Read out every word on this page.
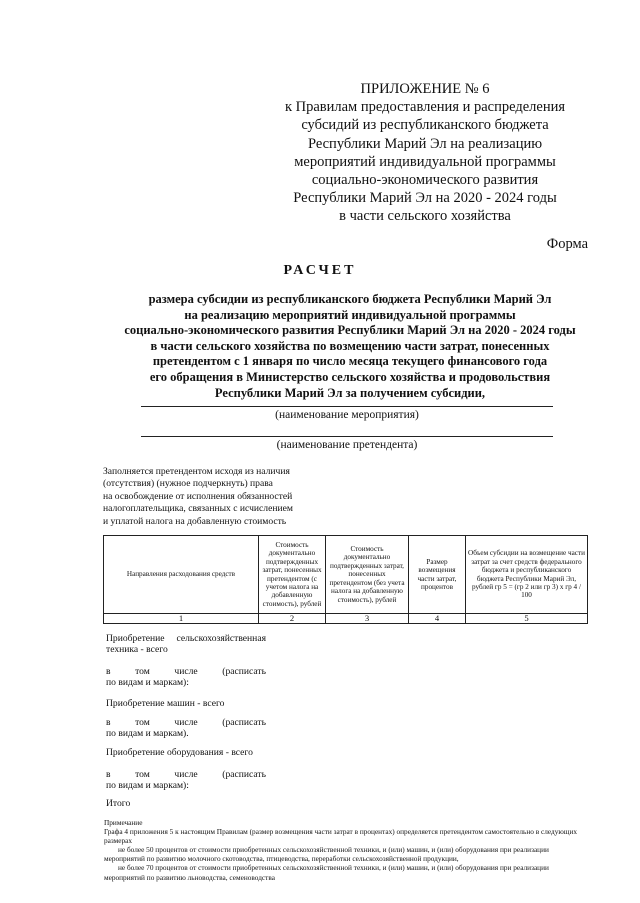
ПРИЛОЖЕНИЕ № 6
к Правилам предоставления и распределения
субсидий из республиканского бюджета
Республики Марий Эл на реализацию
мероприятий индивидуальной программы
социально-экономического развития
Республики Марий Эл на 2020 - 2024 годы
в части сельского хозяйства
Форма
РАСЧЕТ
размера субсидии из республиканского бюджета Республики Марий Эл
на реализацию мероприятий индивидуальной программы
социально-экономического развития Республики Марий Эл на 2020 - 2024 годы
в части сельского хозяйства по возмещению части затрат, понесенных
претендентом с 1 января по число месяца текущего финансового года
его обращения в Министерство сельского хозяйства и продовольствия
Республики Марий Эл за получением субсидии,
(наименование мероприятия)
(наименование претендента)
Заполняется претендентом исходя из наличия
(отсутствия) (нужное подчеркнуть) права
на освобождение от исполнения обязанностей
налогоплательщика, связанных с исчислением
и уплатой налога на добавленную стоимость
Направления расходования средств	Стоимость документально подтвержденных затрат, понесенных претендентом (с учетом налога на добавленную стоимость), рублей	Стоимость документально подтвержденных затрат, понесенных претендентом (без учета налога на добавленную стоимость), рублей	Размер возмещения части затрат, процентов	Объем субсидии на возмещение части затрат за счет средств федерального бюджета и республиканского бюджета Республики Марий Эл, рублей гр 5 = (гр 2 или гр 3) х гр 4 / 100
1	2	3	4	5
Приобретение сельскохозяйственная
техника - всего
в	том	числе	(расписать
по видам и маркам):
Приобретение машин - всего
в	том	числе	(расписать
по видам и маркам).
Приобретение оборудования - всего
в	том	числе	(расписать
по видам и маркам):
Итого
Примечание
Графа 4 приложения 5 к настоящим Правилам (размер возмещения части затрат в процентах) определяется претендентом самостоятельно в следующих
размерах
не более 50 процентов от стоимости приобретенных сельскохозяйственной техники, и (или) машин, и (или) оборудования при реализации
мероприятий по развитию молочного скотоводства, птицеводства, переработки сельскохозяйственной продукции,
не более 70 процентов от стоимости приобретенных сельскохозяйственной техники, и (или) машин, и (или) оборудования при реализации
мероприятий по развитию льноводства, семеноводства
